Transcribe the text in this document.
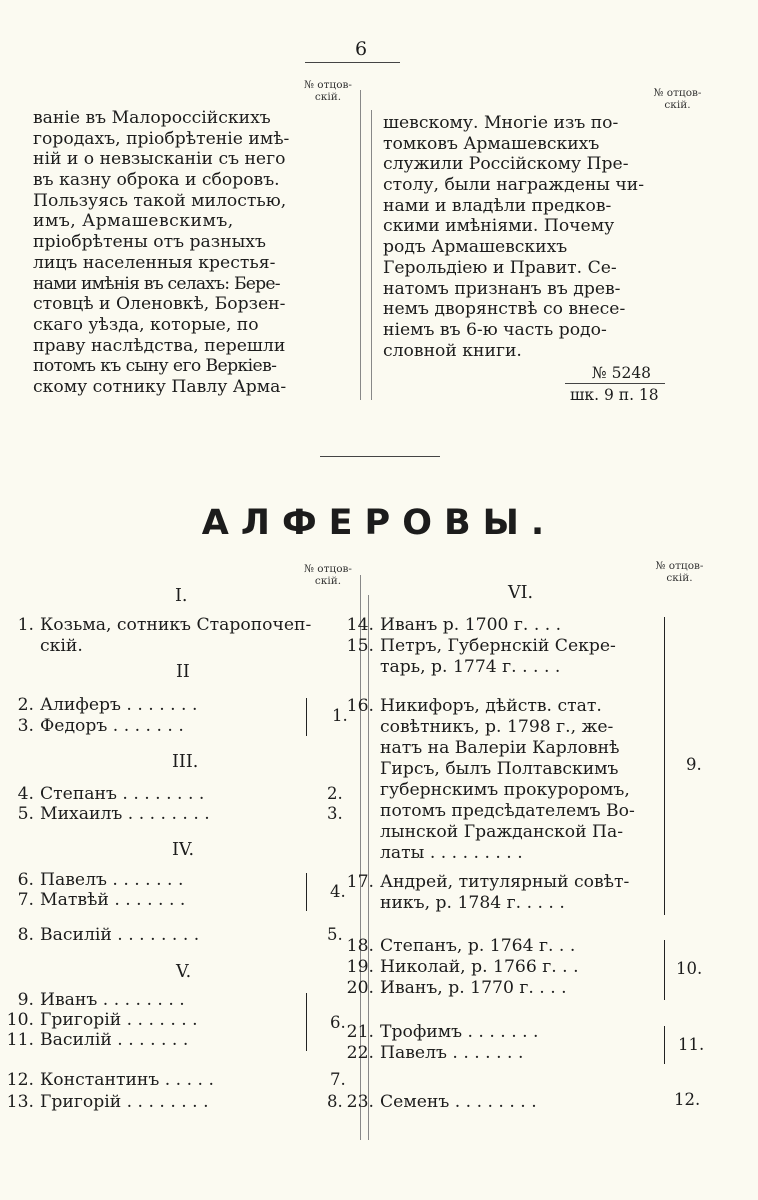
6
№ отцов-
скій.	№ отцов-
скій.
ваніе въ Малороссійскихъ
городахъ, пріобрѣтеніе имѣ-
ній и о невзысканіи съ него
въ казну оброка и сборовъ.
Пользуясь такой милостью,
имъ, Армашевскимъ,
пріобрѣтены отъ разныхъ
лицъ населенныя крестья-
нами имѣнія въ селахъ: Бере-
стовцѣ и Оленовкѣ, Борзен-
скаго уѣзда, которые, по
праву наслѣдства, перешли
потомъ къ сыну его Веркіев-
скому сотнику Павлу Арма-
шевскому. Многіе изъ по-
томковъ Армашевскихъ
служили Россійскому Пре-
столу, были награждены чи-
нами и владѣли предков-
скими имѣніями. Почему
родъ Армашевскихъ
Герольдіею и Правит. Се-
натомъ признанъ въ древ-
немъ дворянствѣ со внесе-
ніемъ въ 6-ю часть родо-
словной книги.
№ 5248
шк. 9 п. 18
АЛФЕРОВЫ.
№ отцов-
скій.
№ отцов-
скій.
I.
II
III.
IV.
V.
1. Козьма, сотникъ Старопочеп-
скій.
2. Алиферъ . . . . . . .
3. Федоръ . . . . . . .
4. Степанъ . . . . . . . .
5. Михаилъ . . . . . . . .
6. Павелъ . . . . . . .
7. Матвѣй . . . . . . .
8. Василій . . . . . . . .
9. Иванъ . . . . . . . .
10. Григорій . . . . . . .
11. Василій . . . . . . .
12. Константинъ . . . . .
13. Григорій . . . . . . . .
1.
2.
3.
4.
5.
6.
7.
8.
VI.
14. Иванъ р. 1700 г. . . .
15. Петръ, Губернскій Секре-
тарь, р. 1774 г. . . . .
16. Никифоръ, дѣйств. стат.
совѣтникъ, р. 1798 г., же-
натъ на Валеріи Карловнѣ
Гирсъ, былъ Полтавскимъ
губернскимъ прокуроромъ,
потомъ предсѣдателемъ Во-
лынской Гражданской Па-
латы . . . . . . . . .
17. Андрей, титулярный совѣт-
никъ, р. 1784 г. . . . .
18. Степанъ, р. 1764 г. . .
19. Николай, р. 1766 г. . .
20. Иванъ, р. 1770 г. . . .
21. Трофимъ . . . . . . .
22. Павелъ . . . . . . .
23. Семенъ . . . . . . . .
9.
10.
11.
12.
